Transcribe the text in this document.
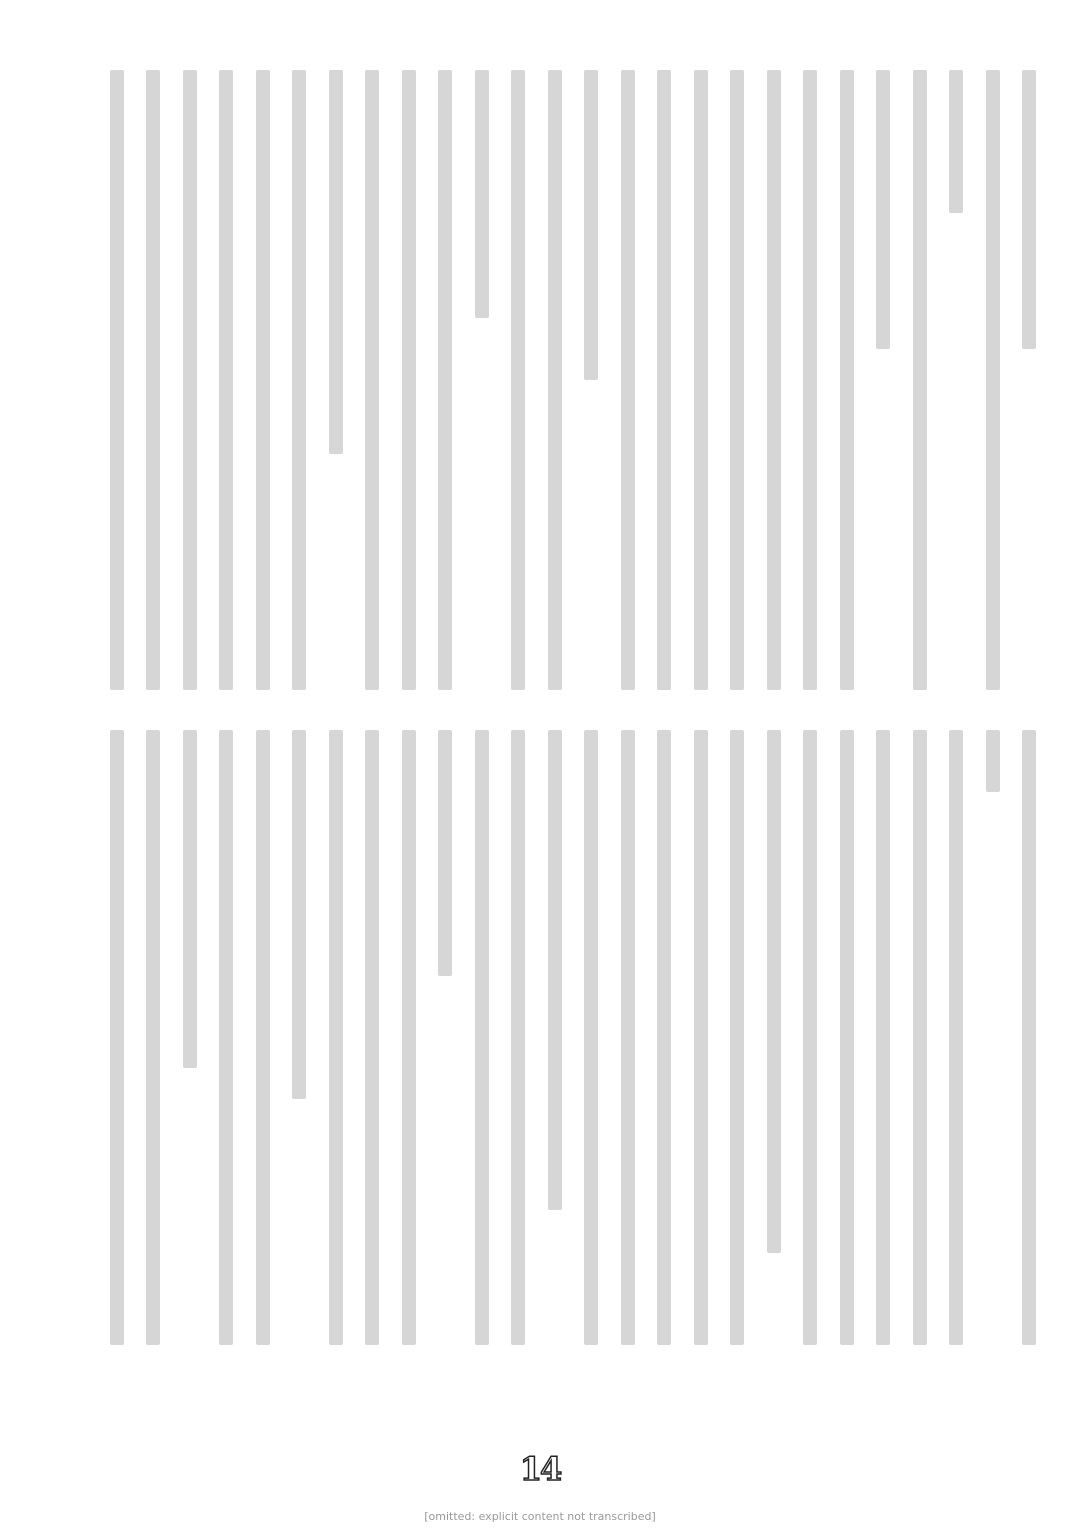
14
[omitted: explicit content not transcribed]
